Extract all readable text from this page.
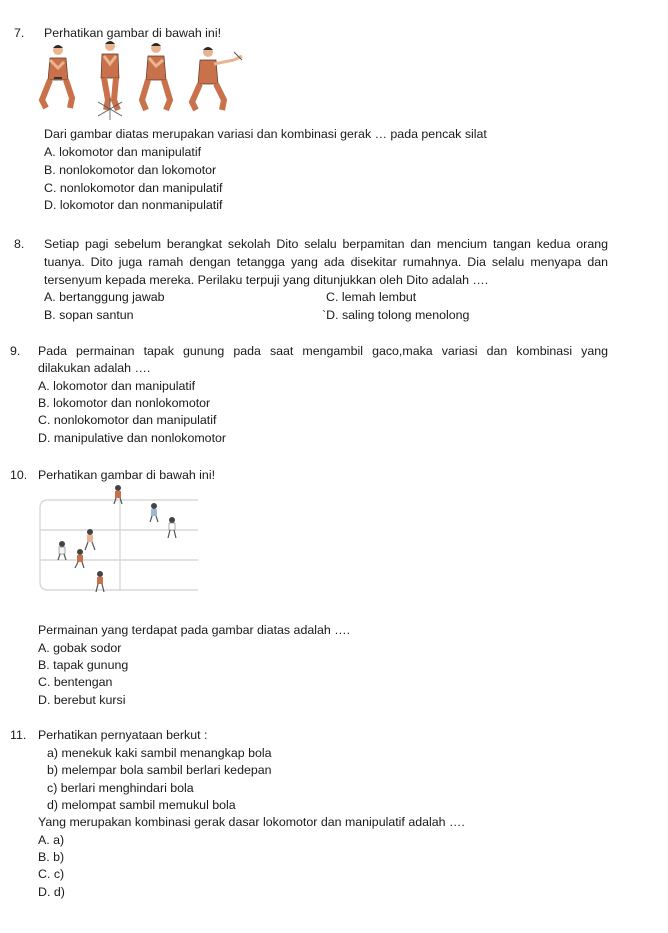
7. Perhatikan gambar di bawah ini!
Dari gambar diatas merupakan variasi dan kombinasi gerak … pada pencak silat
A. lokomotor dan manipulatif
B. nonlokomotor dan lokomotor
C. nonlokomotor dan manipulatif
D. lokomotor dan nonmanipulatif
8. Setiap pagi sebelum berangkat sekolah Dito selalu berpamitan dan mencium tangan kedua orang
tuanya. Dito juga ramah dengan tetangga yang ada disekitar rumahnya. Dia selalu menyapa dan
tersenyum kepada mereka. Perilaku terpuji yang ditunjukkan oleh Dito adalah ….
A. bertanggung jawab	C. lemah lembut
B. sopan santun	`D. saling tolong menolong
9. Pada permainan tapak gunung pada saat mengambil gaco,maka variasi dan kombinasi yang
dilakukan adalah ….
A. lokomotor dan manipulatif
B. lokomotor dan nonlokomotor
C. nonlokomotor dan manipulatif
D. manipulative dan nonlokomotor
10. Perhatikan gambar di bawah ini!
Permainan yang terdapat pada gambar diatas adalah ….
A. gobak sodor
B. tapak gunung
C. bentengan
D. berebut kursi
11. Perhatikan pernyataan berkut :
a) menekuk kaki sambil menangkap bola
b) melempar bola sambil berlari kedepan
c) berlari menghindari bola
d) melompat sambil memukul bola
Yang merupakan kombinasi gerak dasar lokomotor dan manipulatif adalah ….
A. a)
B. b)
C. c)
D. d)
